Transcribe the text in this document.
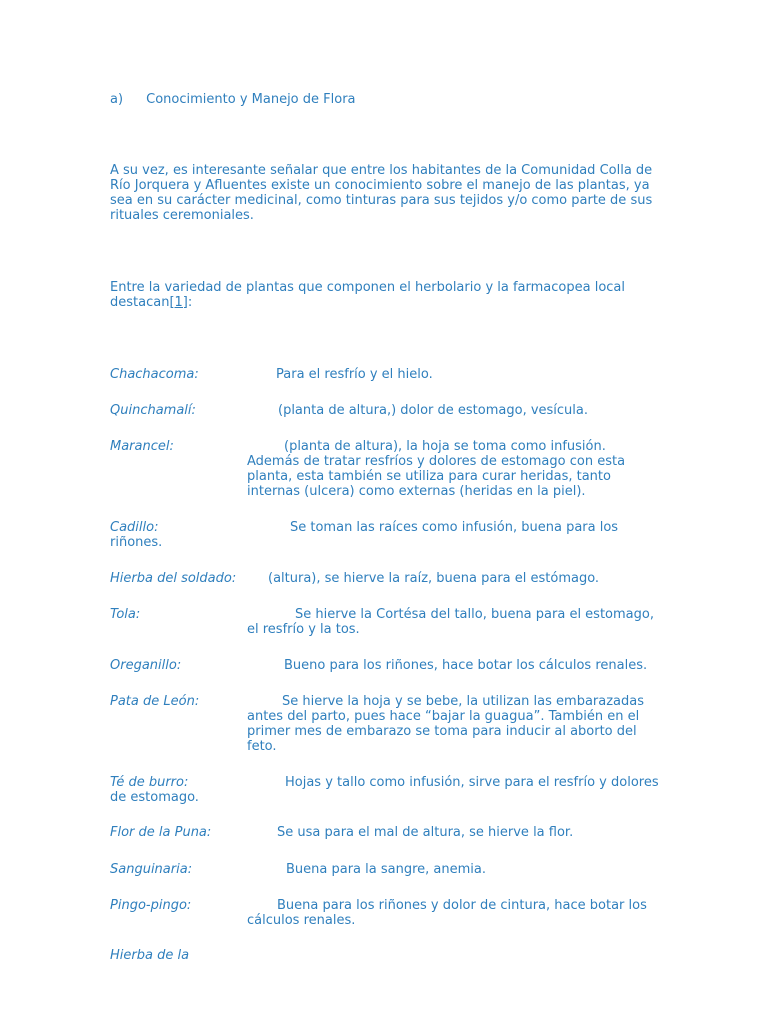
a) Conocimiento y Manejo de Flora
A su vez, es interesante señalar que entre los habitantes de la Comunidad Colla de Río Jorquera y Afluentes existe un conocimiento sobre el manejo de las plantas, ya sea en su carácter medicinal, como tinturas para sus tejidos y/o como parte de sus rituales ceremoniales.
Entre la variedad de plantas que componen el herbolario y la farmacopea local destacan[1]:
Chachacoma:	Para el resfrío y el hielo.
Quinchamalí:	(planta de altura,) dolor de estomago, vesícula.
Marancel:	(planta de altura), la hoja se toma como infusión.
Además de tratar resfríos y dolores de estomago con esta planta, esta también se utiliza para curar heridas, tanto internas (ulcera) como externas (heridas en la piel).
Cadillo:	Se toman las raíces como infusión, buena para los
riñones.
Hierba del soldado: (altura), se hierve la raíz, buena para el estómago.
Tola:	Se hierve la Cortésa del tallo, buena para el estomago,
el resfrío y la tos.
Oreganillo:	Bueno para los riñones, hace botar los cálculos renales.
Pata de León:	Se hierve la hoja y se bebe, la utilizan las embarazadas
antes del parto, pues hace “bajar la guagua”. También en el primer mes de embarazo se toma para inducir al aborto del feto.
Té de burro:	Hojas y tallo como infusión, sirve para el resfrío y dolores
de estomago.
Flor de la Puna:	Se usa para el mal de altura, se hierve la flor.
Sanguinaria:	Buena para la sangre, anemia.
Pingo-pingo:	Buena para los riñones y dolor de cintura, hace botar los
cálculos renales.
Hierba de la
